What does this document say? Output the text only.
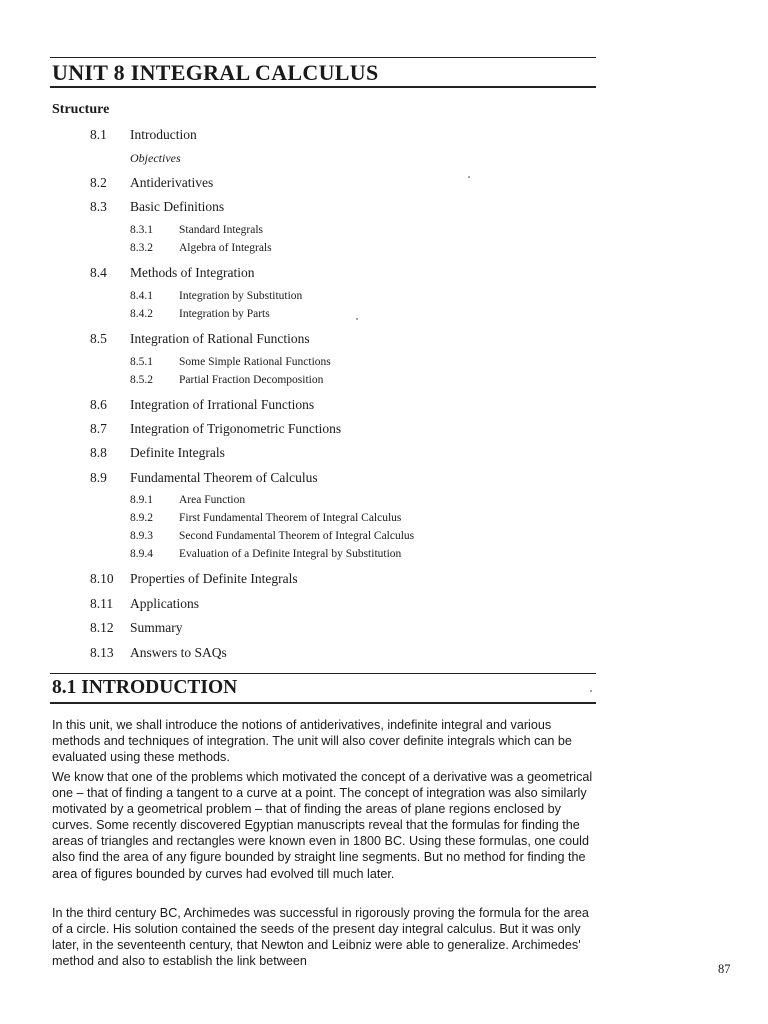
UNIT 8 INTEGRAL CALCULUS
Structure
8.1 Introduction
Objectives
8.2 Antiderivatives
8.3 Basic Definitions
8.3.1 Standard Integrals
8.3.2 Algebra of Integrals
8.4 Methods of Integration
8.4.1 Integration by Substitution
8.4.2 Integration by Parts
8.5 Integration of Rational Functions
8.5.1 Some Simple Rational Functions
8.5.2 Partial Fraction Decomposition
8.6 Integration of Irrational Functions
8.7 Integration of Trigonometric Functions
8.8 Definite Integrals
8.9 Fundamental Theorem of Calculus
8.9.1 Area Function
8.9.2 First Fundamental Theorem of Integral Calculus
8.9.3 Second Fundamental Theorem of Integral Calculus
8.9.4 Evaluation of a Definite Integral by Substitution
8.10 Properties of Definite Integrals
8.11 Applications
8.12 Summary
8.13 Answers to SAQs
8.1 INTRODUCTION

In this unit, we shall introduce the notions of antiderivatives, indefinite integral and various methods and techniques of integration. The unit will also cover definite integrals which can be evaluated using these methods.

We know that one of the problems which motivated the concept of a derivative was a geometrical one – that of finding a tangent to a curve at a point. The concept of integration was also similarly motivated by a geometrical problem – that of finding the areas of plane regions enclosed by curves. Some recently discovered Egyptian manuscripts reveal that the formulas for finding the areas of triangles and rectangles were known even in 1800 BC. Using these formulas, one could also find the area of any figure bounded by straight line segments. But no method for finding the area of figures bounded by curves had evolved till much later.

In the third century BC, Archimedes was successful in rigorously proving the formula for the area of a circle. His solution contained the seeds of the present day integral calculus. But it was only later, in the seventeenth century, that Newton and Leibniz were able to generalize. Archimedes' method and also to establish the link between

87
